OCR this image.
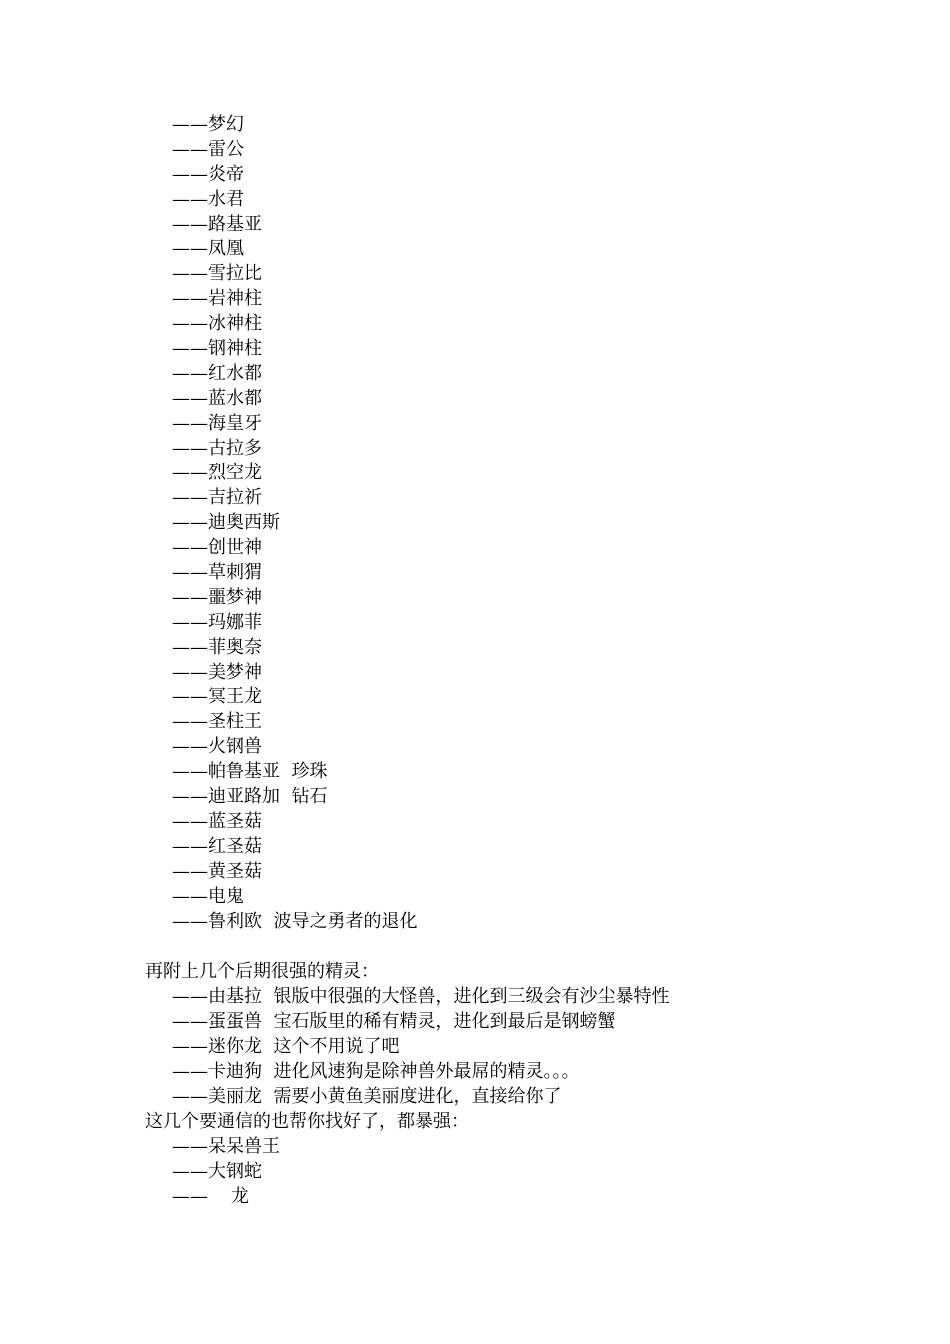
——梦幻
——雷公
——炎帝
——水君
——路基亚
——凤凰
——雪拉比
——岩神柱
——冰神柱
——钢神柱
——红水都
——蓝水都
——海皇牙
——古拉多
——烈空龙
——吉拉祈
——迪奥西斯
——创世神
——草刺猬
——噩梦神
——玛娜菲
——菲奥奈
——美梦神
——冥王龙
——圣柱王
——火钢兽
——帕鲁基亚  珍珠
——迪亚路加  钻石
——蓝圣菇
——红圣菇
——黄圣菇
——电鬼
——鲁利欧  波导之勇者的退化
再附上几个后期很强的精灵：
——由基拉  银版中很强的大怪兽，进化到三级会有沙尘暴特性
——蛋蛋兽  宝石版里的稀有精灵，进化到最后是钢螃蟹
——迷你龙  这个不用说了吧
——卡迪狗  进化风速狗是除神兽外最屌的精灵。。。
——美丽龙  需要小黄鱼美丽度进化，直接给你了
这几个要通信的也帮你找好了，都暴强：
——呆呆兽王
——大钢蛇
——    龙
